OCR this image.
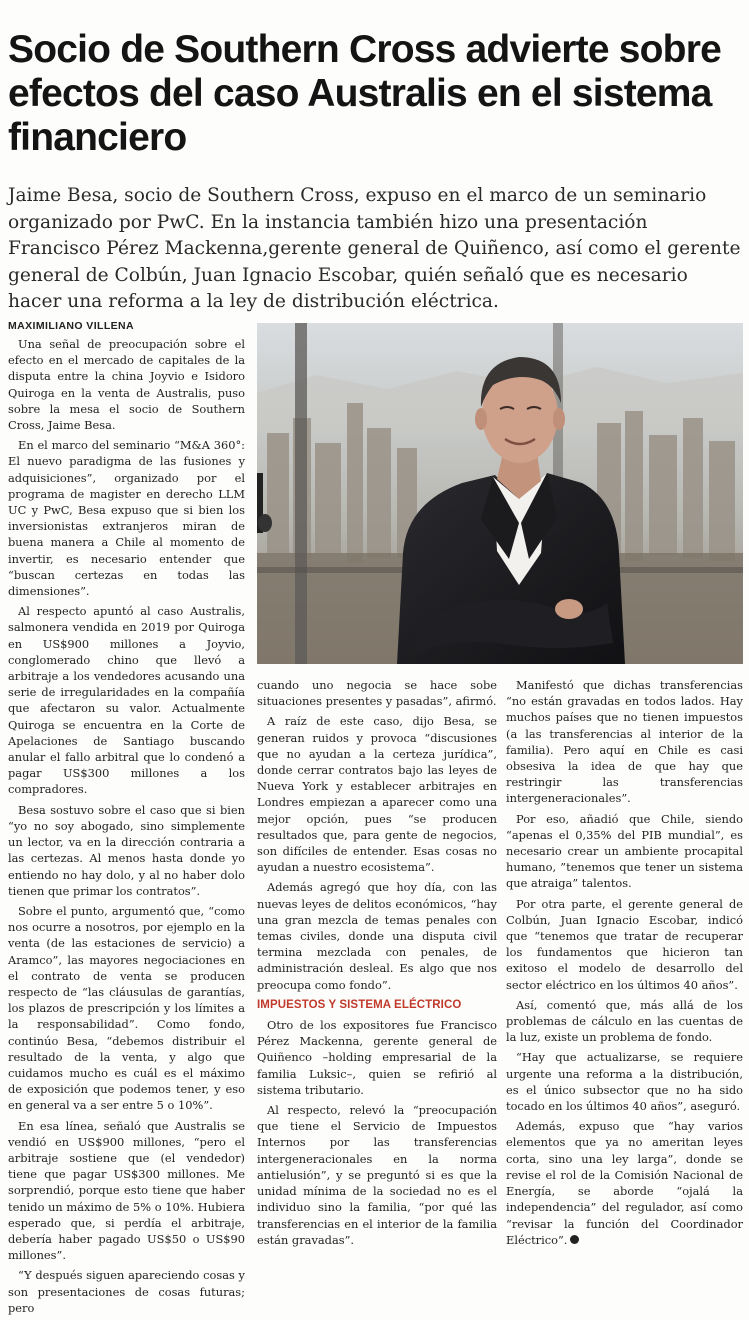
Socio de Southern Cross advierte sobre efectos del caso Australis en el sistema financiero

Jaime Besa, socio de Southern Cross, expuso en el marco de un seminario organizado por PwC. En la instancia también hizo una presentación Francisco Pérez Mackenna,gerente general de Quiñenco, así como el gerente general de Colbún, Juan Ignacio Escobar, quién señaló que es necesario hacer una reforma a la ley de distribución eléctrica.

MAXIMILIANO VILLENA

Una señal de preocupación sobre el efecto en el mercado de capitales de la disputa entre la china Joyvio e Isidoro Quiroga en la venta de Australis, puso sobre la mesa el socio de Southern Cross, Jaime Besa.

En el marco del seminario “M&A 360°: El nuevo paradigma de las fusiones y adquisiciones”, organizado por el programa de magister en derecho LLM UC y PwC, Besa expuso que si bien los inversionistas extranjeros miran de buena manera a Chile al momento de invertir, es necesario entender que “buscan certezas en todas las dimensiones”.

Al respecto apuntó al caso Australis, salmonera vendida en 2019 por Quiroga en US$900 millones a Joyvio, conglomerado chino que llevó a arbitraje a los vendedores acusando una serie de irregularidades en la compañía que afectaron su valor. Actualmente Quiroga se encuentra en la Corte de Apelaciones de Santiago buscando anular el fallo arbitral que lo condenó a pagar US$300 millones a los compradores.

Besa sostuvo sobre el caso que si bien “yo no soy abogado, sino simplemente un lector, va en la dirección contraria a las certezas. Al menos hasta donde yo entiendo no hay dolo, y al no haber dolo tienen que primar los contratos”.

Sobre el punto, argumentó que, “como nos ocurre a nosotros, por ejemplo en la venta (de las estaciones de servicio) a Aramco”, las mayores negociaciones en el contrato de venta se producen respecto de “las cláusulas de garantías, los plazos de prescripción y los límites a la responsabilidad”. Como fondo, continúo Besa, “debemos distribuir el resultado de la venta, y algo que cuidamos mucho es cuál es el máximo de exposición que podemos tener, y eso en general va a ser entre 5 o 10%”.

En esa línea, señaló que Australis se vendió en US$900 millones, “pero el arbitraje sostiene que (el vendedor) tiene que pagar US$300 millones. Me sorprendió, porque esto tiene que haber tenido un máximo de 5% o 10%. Hubiera esperado que, si perdía el arbitraje, debería haber pagado US$50 o US$90 millones”.

“Y después siguen apareciendo cosas y son presentaciones de cosas futuras; pero

cuando uno negocia se hace sobe situaciones presentes y pasadas”, afirmó.

A raíz de este caso, dijo Besa, se generan ruidos y provoca “discusiones que no ayudan a la certeza jurídica”, donde cerrar contratos bajo las leyes de Nueva York y establecer arbitrajes en Londres empiezan a aparecer como una mejor opción, pues “se producen resultados que, para gente de negocios, son difíciles de entender. Esas cosas no ayudan a nuestro ecosistema”.

Además agregó que hoy día, con las nuevas leyes de delitos económicos, “hay una gran mezcla de temas penales con temas civiles, donde una disputa civil termina mezclada con penales, de administración desleal. Es algo que nos preocupa como fondo”.

IMPUESTOS Y SISTEMA ELÉCTRICO

Otro de los expositores fue Francisco Pérez Mackenna, gerente general de Quiñenco –holding empresarial de la familia Luksic–, quien se refirió al sistema tributario.

Al respecto, relevó la “preocupación que tiene el Servicio de Impuestos Internos por las transferencias intergeneracionales en la norma antielusión”, y se preguntó si es que la unidad mínima de la sociedad no es el individuo sino la familia, “por qué las transferencias en el interior de la familia están gravadas”.

Manifestó que dichas transferencias “no están gravadas en todos lados. Hay muchos países que no tienen impuestos (a las transferencias al interior de la familia). Pero aquí en Chile es casi obsesiva la idea de que hay que restringir las transferencias intergeneracionales”.

Por eso, añadió que Chile, siendo “apenas el 0,35% del PIB mundial”, es necesario crear un ambiente procapital humano, ”tenemos que tener un sistema que atraiga” talentos.

Por otra parte, el gerente general de Colbún, Juan Ignacio Escobar, indicó que “tenemos que tratar de recuperar los fundamentos que hicieron tan exitoso el modelo de desarrollo del sector eléctrico en los últimos 40 años”.

Así, comentó que, más allá de los problemas de cálculo en las cuentas de la luz, existe un problema de fondo.

“Hay que actualizarse, se requiere urgente una reforma a la distribución, es el único subsector que no ha sido tocado en los últimos 40 años”, aseguró.

Además, expuso que “hay varios elementos que ya no ameritan leyes corta, sino una ley larga”, donde se revise el rol de la Comisión Nacional de Energía, se aborde “ojalá la independencia” del regulador, así como “revisar la función del Coordinador Eléctrico”.
